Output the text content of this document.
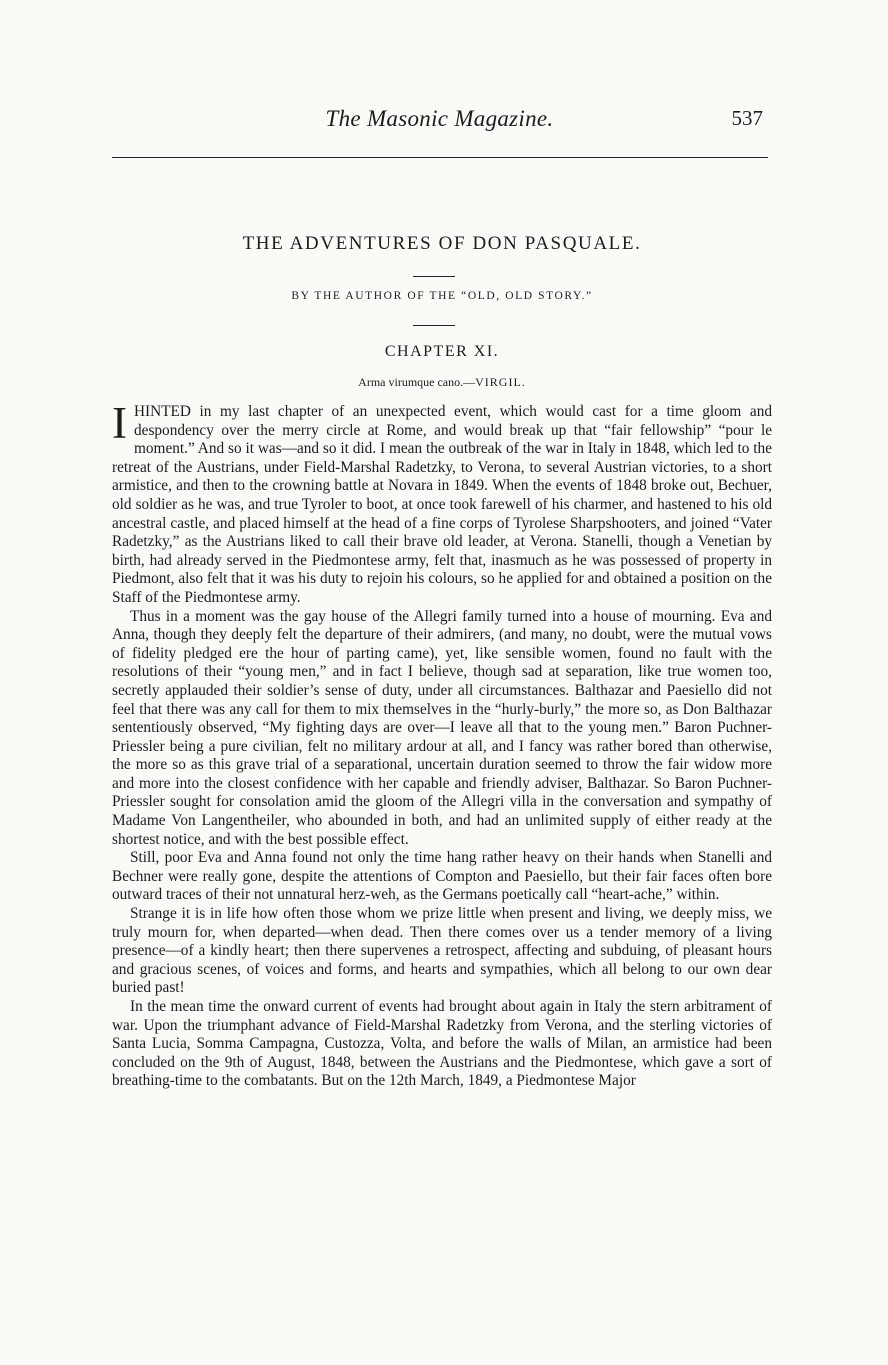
The Masonic Magazine.	537
THE ADVENTURES OF DON PASQUALE.
BY THE AUTHOR OF THE “OLD, OLD STORY.”
CHAPTER XI.
Arma virumque cano.—VIRGIL.

IHINTED in my last chapter of an unexpected event, which would cast for a time gloom and despondency over the merry circle at Rome, and would break up that “fair fellowship” “pour le moment.” And so it was—and so it did. I mean the outbreak of the war in Italy in 1848, which led to the retreat of the Austrians, under Field-Marshal Radetzky, to Verona, to several Austrian victories, to a short armistice, and then to the crowning battle at Novara in 1849. When the events of 1848 broke out, Bechuer, old soldier as he was, and true Tyroler to boot, at once took farewell of his charmer, and hastened to his old ancestral castle, and placed himself at the head of a fine corps of Tyrolese Sharpshooters, and joined “Vater Radetzky,” as the Austrians liked to call their brave old leader, at Verona. Stanelli, though a Venetian by birth, had already served in the Piedmontese army, felt that, inasmuch as he was possessed of property in Piedmont, also felt that it was his duty to rejoin his colours, so he applied for and obtained a position on the Staff of the Piedmontese army.

Thus in a moment was the gay house of the Allegri family turned into a house of mourning. Eva and Anna, though they deeply felt the departure of their admirers, (and many, no doubt, were the mutual vows of fidelity pledged ere the hour of parting came), yet, like sensible women, found no fault with the resolutions of their “young men,” and in fact I believe, though sad at separation, like true women too, secretly applauded their soldier’s sense of duty, under all circumstances. Balthazar and Paesiello did not feel that there was any call for them to mix themselves in the “hurly-burly,” the more so, as Don Balthazar sententiously observed, “My fighting days are over—I leave all that to the young men.” Baron Puchner-Priessler being a pure civilian, felt no military ardour at all, and I fancy was rather bored than otherwise, the more so as this grave trial of a separational, uncertain duration seemed to throw the fair widow more and more into the closest confidence with her capable and friendly adviser, Balthazar. So Baron Puchner-Priessler sought for consolation amid the gloom of the Allegri villa in the conversation and sympathy of Madame Von Langentheiler, who abounded in both, and had an unlimited supply of either ready at the shortest notice, and with the best possible effect.

Still, poor Eva and Anna found not only the time hang rather heavy on their hands when Stanelli and Bechner were really gone, despite the attentions of Compton and Paesiello, but their fair faces often bore outward traces of their not unnatural herz-weh, as the Germans poetically call “heart-ache,” within.

Strange it is in life how often those whom we prize little when present and living, we deeply miss, we truly mourn for, when departed—when dead. Then there comes over us a tender memory of a living presence—of a kindly heart; then there supervenes a retrospect, affecting and subduing, of pleasant hours and gracious scenes, of voices and forms, and hearts and sympathies, which all belong to our own dear buried past!

In the mean time the onward current of events had brought about again in Italy the stern arbitrament of war. Upon the triumphant advance of Field-Marshal Radetzky from Verona, and the sterling victories of Santa Lucia, Somma Campagna, Custozza, Volta, and before the walls of Milan, an armistice had been concluded on the 9th of August, 1848, between the Austrians and the Piedmontese, which gave a sort of breathing-time to the combatants. But on the 12th March, 1849, a Piedmontese Major
